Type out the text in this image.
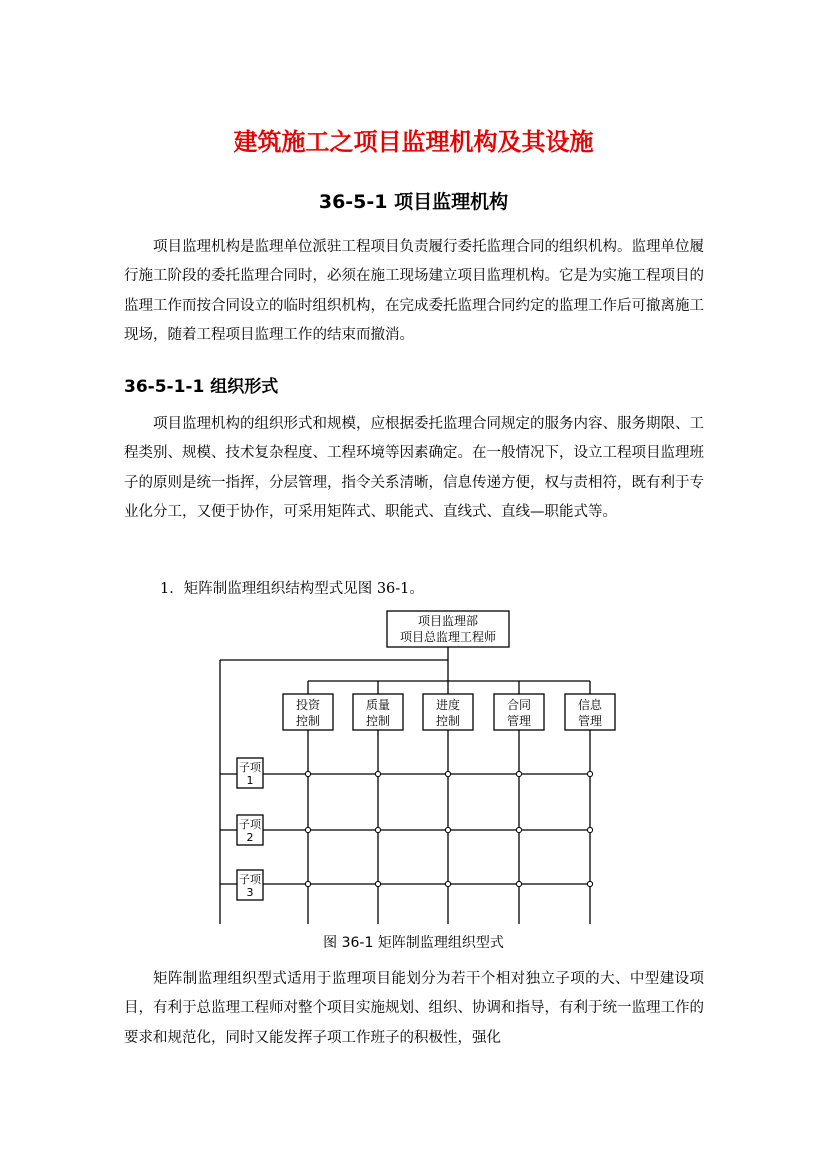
建筑施工之项目监理机构及其设施
36-5-1 项目监理机构

项目监理机构是监理单位派驻工程项目负责履行委托监理合同的组织机构。监理单位履行施工阶段的委托监理合同时，必须在施工现场建立项目监理机构。它是为实施工程项目的监理工作而按合同设立的临时组织机构，在完成委托监理合同约定的监理工作后可撤离施工现场，随着工程项目监理工作的结束而撤消。

36-5-1-1 组织形式

项目监理机构的组织形式和规模，应根据委托监理合同规定的服务内容、服务期限、工程类别、规模、技术复杂程度、工程环境等因素确定。在一般情况下，设立工程项目监理班子的原则是统一指挥，分层管理，指令关系清晰，信息传递方便，权与责相符，既有利于专业化分工，又便于协作，可采用矩阵式、职能式、直线式、直线—职能式等。

1．矩阵制监理组织结构型式见图 36-1。
项目监理部
项目总监理工程师
投资
控制
质量
控制
进度
控制
合同
管理
信息
管理
子项
1
子项
2
子项
3
图 36-1 矩阵制监理组织型式

矩阵制监理组织型式适用于监理项目能划分为若干个相对独立子项的大、中型建设项目，有利于总监理工程师对整个项目实施规划、组织、协调和指导，有利于统一监理工作的要求和规范化，同时又能发挥子项工作班子的积极性，强化
